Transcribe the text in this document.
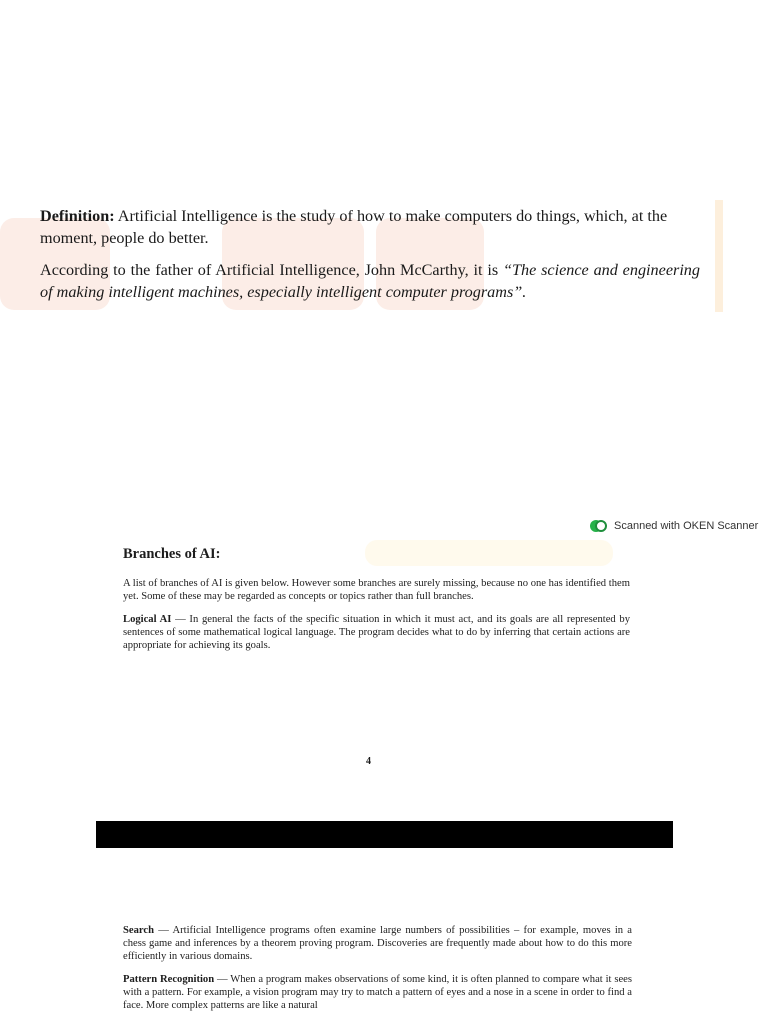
Definition: Artificial Intelligence is the study of how to make computers do things, which, at the moment, people do better.

According to the father of Artificial Intelligence, John McCarthy, it is “The science and engineering of making intelligent machines, especially intelligent computer programs”.

Scanned with OKEN Scanner
Branches of AI:

A list of branches of AI is given below. However some branches are surely missing, because no one has identified them yet. Some of these may be regarded as concepts or topics rather than full branches.

Logical AI — In general the facts of the specific situation in which it must act, and its goals are all represented by sentences of some mathematical logical language. The program decides what to do by inferring that certain actions are appropriate for achieving its goals.

4

Search — Artificial Intelligence programs often examine large numbers of possibilities – for example, moves in a chess game and inferences by a theorem proving program. Discoveries are frequently made about how to do this more efficiently in various domains.

Pattern Recognition — When a program makes observations of some kind, it is often planned to compare what it sees with a pattern. For example, a vision program may try to match a pattern of eyes and a nose in a scene in order to find a face. More complex patterns are like a natural
